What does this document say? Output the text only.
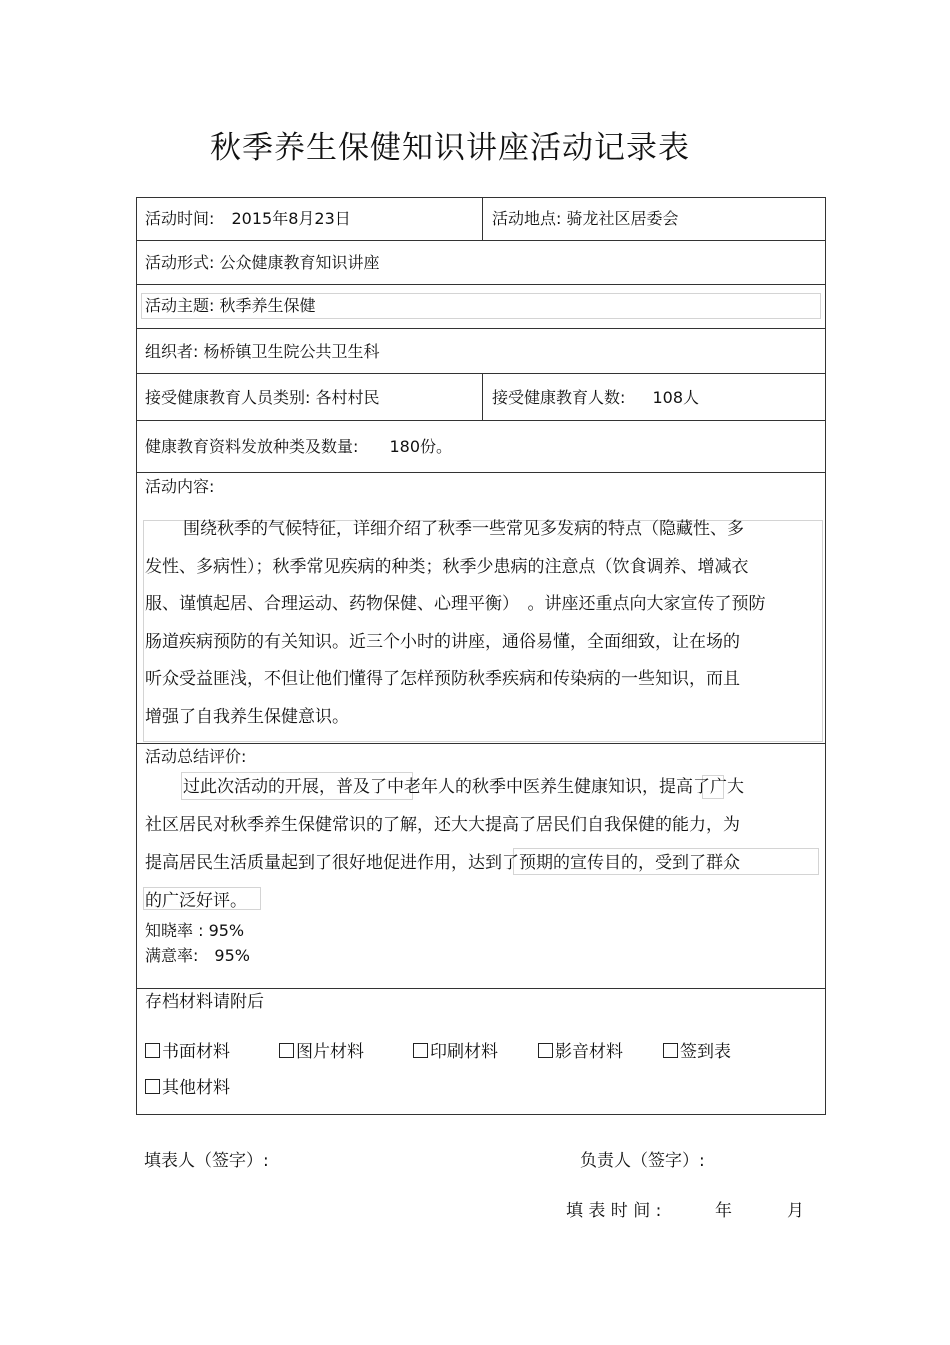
秋季养生保健知识讲座活动记录表
活动时间: 2015年8月23日	活动地点: 骑龙社区居委会
活动形式: 公众健康教育知识讲座
活动主题: 秋季养生保健
组织者: 杨桥镇卫生院公共卫生科
接受健康教育人员类别: 各村村民	接受健康教育人数: 108人
健康教育资料发放种类及数量: 180份。
活动内容:
围绕秋季的气候特征，详细介绍了秋季一些常见多发病的特点（隐藏性、多
发性、多病性）；秋季常见疾病的种类；秋季少患病的注意点（饮食调养、增减衣
服、谨慎起居、合理运动、药物保健、心理平衡）　。讲座还重点向大家宣传了预防
肠道疾病预防的有关知识。近三个小时的讲座，通俗易懂，全面细致，让在场的
听众受益匪浅，不但让他们懂得了怎样预防秋季疾病和传染病的一些知识，而且
增强了自我养生保健意识。
活动总结评价:
过此次活动的开展，普及了中老年人的秋季中医养生健康知识，提高了广大
社区居民对秋季养生保健常识的了解，还大大提高了居民们自我保健的能力，为
提高居民生活质量起到了很好地促进作用，达到了预期的宣传目的，受到了群众
的广泛好评。
知晓率 : 95%
满意率:　95%
存档材料请附后
书面材料	图片材料	印刷材料	影音材料	签到表
其他材料
填表人（签字）:	负责人（签字）:
填 表 时 间 :	年	月
